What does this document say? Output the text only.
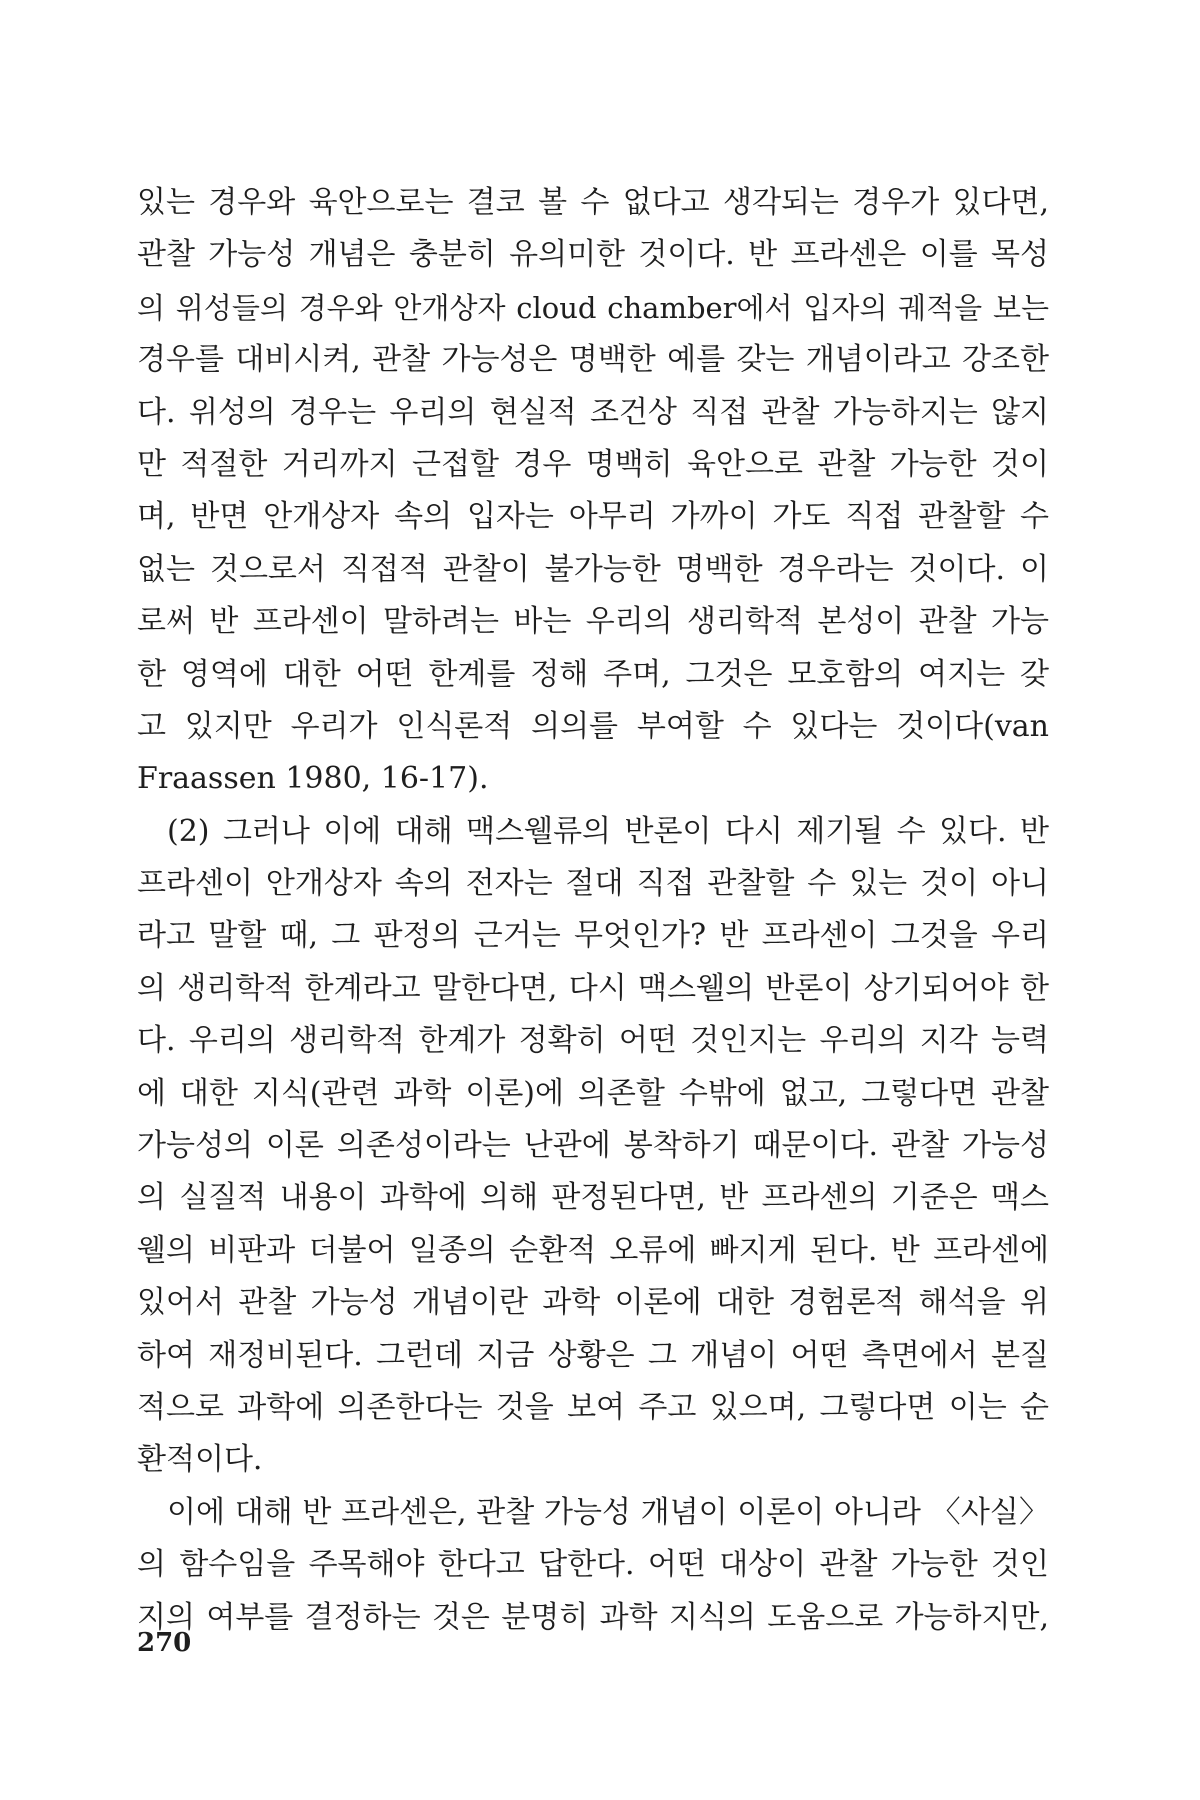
있는 경우와 육안으로는 결코 볼 수 없다고 생각되는 경우가 있다면,
관찰 가능성 개념은 충분히 유의미한 것이다. 반 프라센은 이를 목성
의 위성들의 경우와 안개상자 cloud chamber에서 입자의 궤적을 보는
경우를 대비시켜, 관찰 가능성은 명백한 예를 갖는 개념이라고 강조한
다. 위성의 경우는 우리의 현실적 조건상 직접 관찰 가능하지는 않지
만 적절한 거리까지 근접할 경우 명백히 육안으로 관찰 가능한 것이
며, 반면 안개상자 속의 입자는 아무리 가까이 가도 직접 관찰할 수
없는 것으로서 직접적 관찰이 불가능한 명백한 경우라는 것이다. 이
로써 반 프라센이 말하려는 바는 우리의 생리학적 본성이 관찰 가능
한 영역에 대한 어떤 한계를 정해 주며, 그것은 모호함의 여지는 갖
고 있지만 우리가 인식론적 의의를 부여할 수 있다는 것이다(van
Fraassen 1980, 16-17).
(2) 그러나 이에 대해 맥스웰류의 반론이 다시 제기될 수 있다. 반
프라센이 안개상자 속의 전자는 절대 직접 관찰할 수 있는 것이 아니
라고 말할 때, 그 판정의 근거는 무엇인가? 반 프라센이 그것을 우리
의 생리학적 한계라고 말한다면, 다시 맥스웰의 반론이 상기되어야 한
다. 우리의 생리학적 한계가 정확히 어떤 것인지는 우리의 지각 능력
에 대한 지식(관련 과학 이론)에 의존할 수밖에 없고, 그렇다면 관찰
가능성의 이론 의존성이라는 난관에 봉착하기 때문이다. 관찰 가능성
의 실질적 내용이 과학에 의해 판정된다면, 반 프라센의 기준은 맥스
웰의 비판과 더불어 일종의 순환적 오류에 빠지게 된다. 반 프라센에
있어서 관찰 가능성 개념이란 과학 이론에 대한 경험론적 해석을 위
하여 재정비된다. 그런데 지금 상황은 그 개념이 어떤 측면에서 본질
적으로 과학에 의존한다는 것을 보여 주고 있으며, 그렇다면 이는 순
환적이다.
이에 대해 반 프라센은, 관찰 가능성 개념이 이론이 아니라 〈사실〉
의 함수임을 주목해야 한다고 답한다. 어떤 대상이 관찰 가능한 것인
지의 여부를 결정하는 것은 분명히 과학 지식의 도움으로 가능하지만,
270
